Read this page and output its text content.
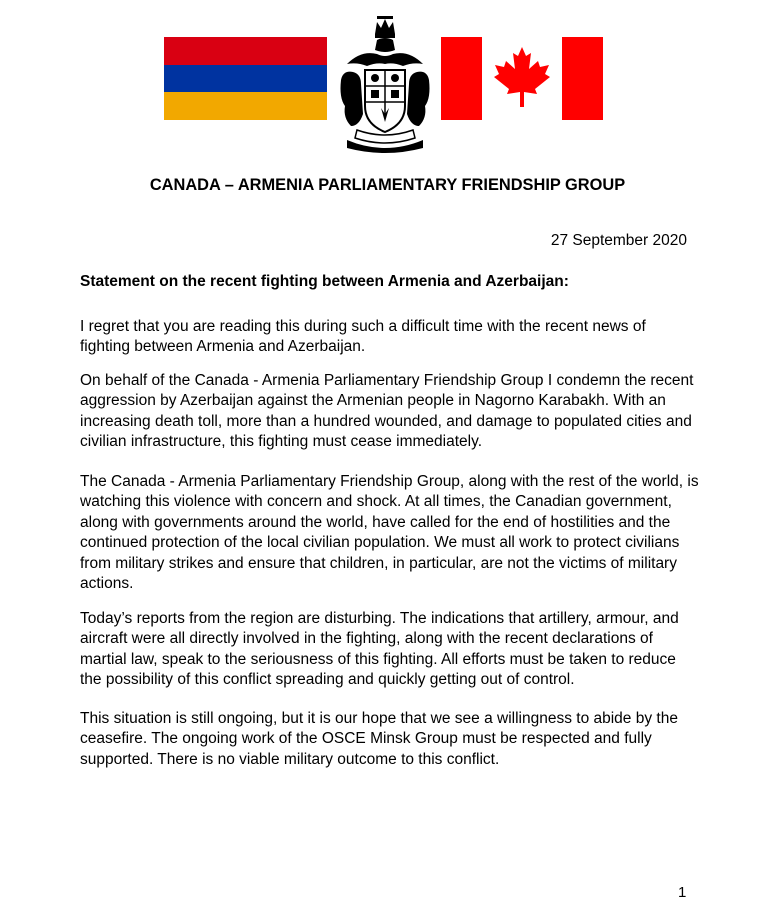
CANADA – ARMENIA PARLIAMENTARY FRIENDSHIP GROUP
27 September 2020
Statement on the recent fighting between Armenia and Azerbaijan:

I regret that you are reading this during such a difficult time with the recent news of fighting between Armenia and Azerbaijan.

On behalf of the Canada - Armenia Parliamentary Friendship Group I condemn the recent aggression by Azerbaijan against the Armenian people in Nagorno Karabakh. With an increasing death toll, more than a hundred wounded, and damage to populated cities and civilian infrastructure, this fighting must cease immediately.

The Canada - Armenia Parliamentary Friendship Group, along with the rest of the world, is watching this violence with concern and shock. At all times, the Canadian government, along with governments around the world, have called for the end of hostilities and the continued protection of the local civilian population. We must all work to protect civilians from military strikes and ensure that children, in particular, are not the victims of military actions.

Today’s reports from the region are disturbing. The indications that artillery, armour, and aircraft were all directly involved in the fighting, along with the recent declarations of martial law, speak to the seriousness of this fighting. All efforts must be taken to reduce the possibility of this conflict spreading and quickly getting out of control.

This situation is still ongoing, but it is our hope that we see a willingness to abide by the ceasefire. The ongoing work of the OSCE Minsk Group must be respected and fully supported. There is no viable military outcome to this conflict.

1
